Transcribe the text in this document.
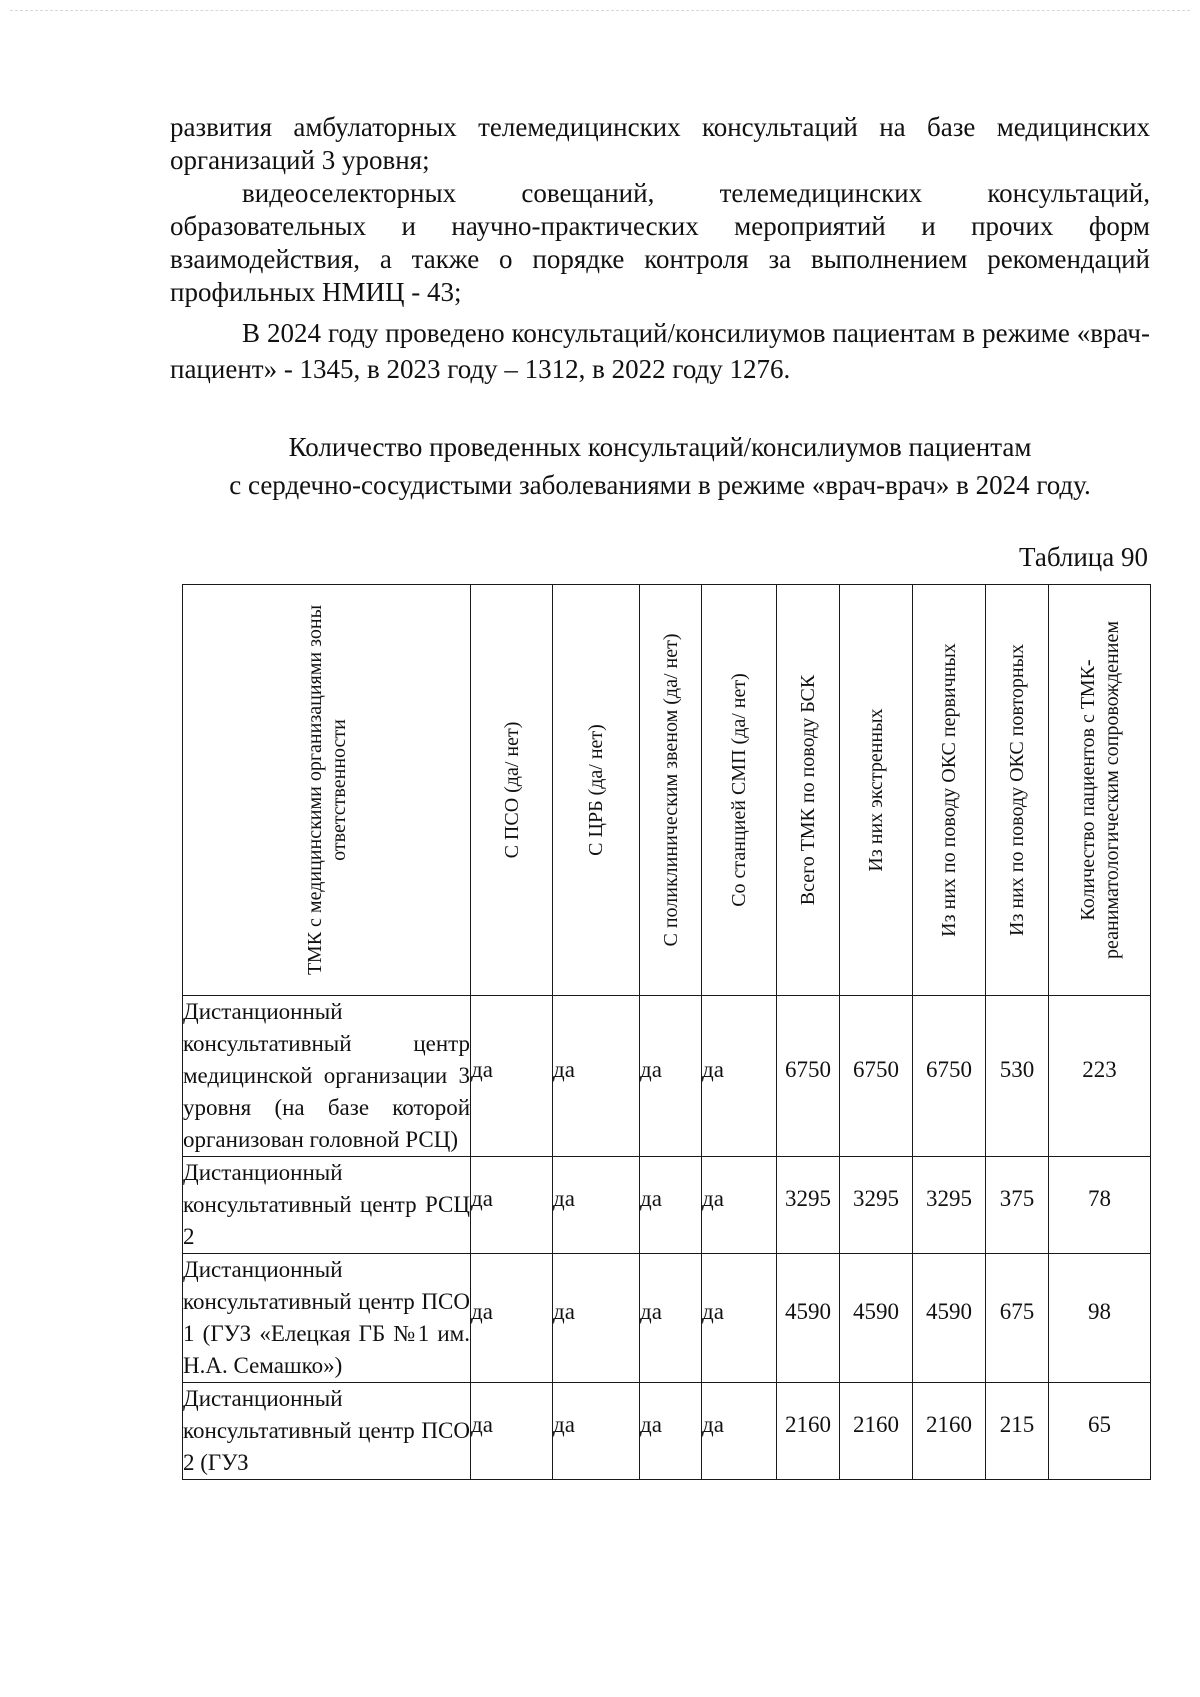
развития амбулаторных телемедицинских консультаций на базе медицинских организаций 3 уровня;

видеоселекторных совещаний, телемедицинских консультаций, образовательных и научно-практических мероприятий и прочих форм взаимодействия, а также о порядке контроля за выполнением рекомендаций профильных НМИЦ - 43;

В 2024 году проведено консультаций/консилиумов пациентам в режиме «врач-пациент» - 1345, в 2023 году – 1312, в 2022 году 1276.

Количество проведенных консультаций/консилиумов пациентам
с сердечно-сосудистыми заболеваниями в режиме «врач-врач» в 2024 году.
Таблица 90
ТМК с медицинскими организациями зоны ответственности	С ПСО (да/ нет)	С ЦРБ (да/ нет)	С поликлиническим звеном (да/ нет)	Со станцией СМП (да/ нет)	Всего ТМК по поводу БСК	Из них экстренных	Из них по поводу ОКС первичных	Из них по поводу ОКС повторных	Количество пациентов с ТМК-реаниматологическим сопровождением

Дистанционный консультативный центр медицинской организации 3 уровня (на базе которой организован головной РСЦ)	да	да	да	да	6750	6750	6750	530	223
Дистанционный консультативный центр РСЦ 2	да	да	да	да	3295	3295	3295	375	78
Дистанционный консультативный центр ПСО 1 (ГУЗ «Елецкая ГБ №1 им. Н.А. Семашко»)	да	да	да	да	4590	4590	4590	675	98
Дистанционный консультативный центр ПСО 2 (ГУЗ	да	да	да	да	2160	2160	2160	215	65
